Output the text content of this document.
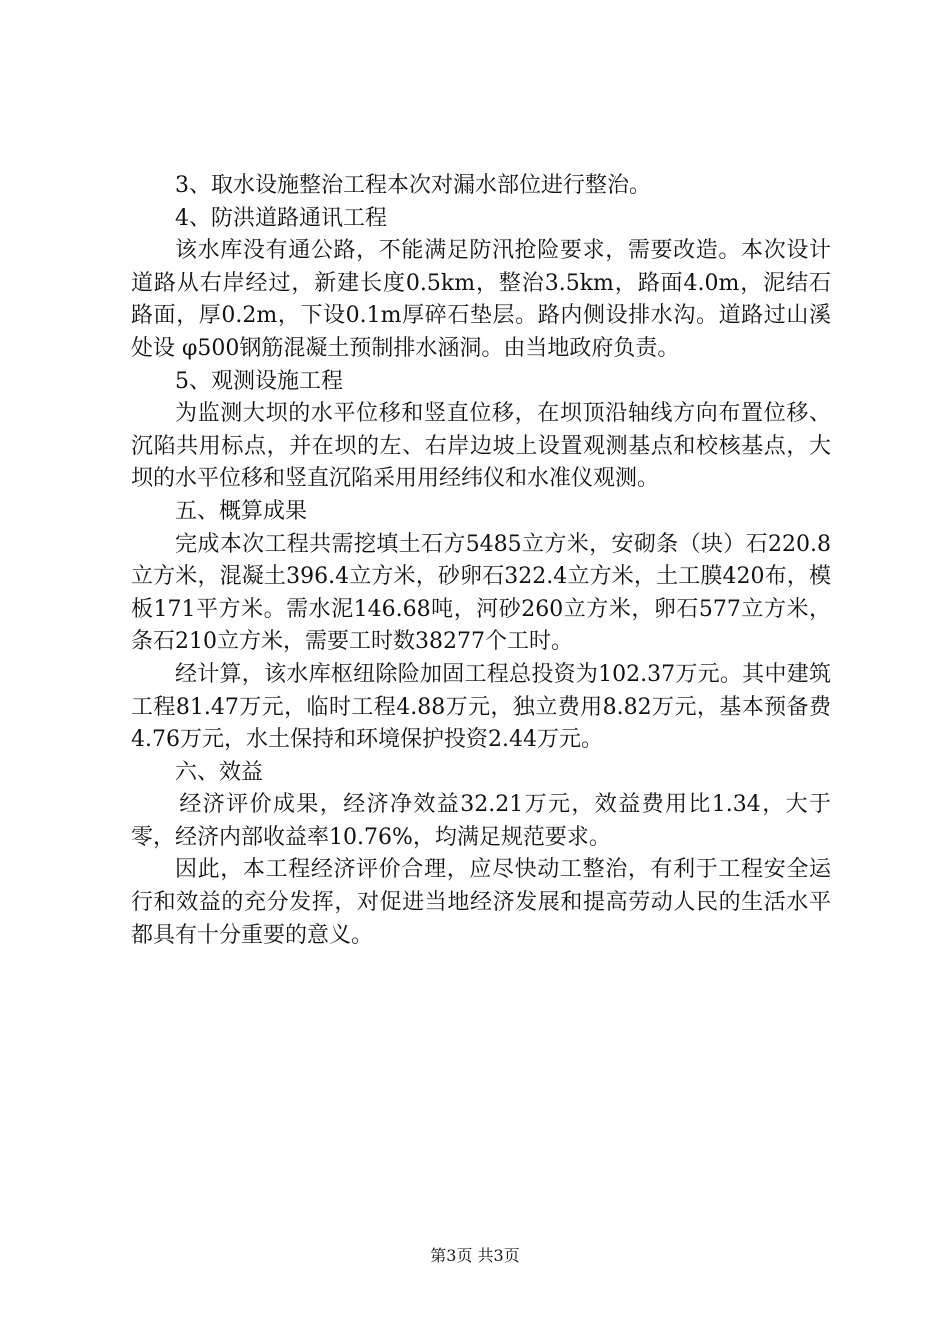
3、取水设施整治工程本次对漏水部位进行整治。

4、防洪道路通讯工程

该水库没有通公路，不能满足防汛抢险要求，需要改造。本次设计道路从右岸经过，新建长度0.5km，整治3.5km，路面4.0m，泥结石路面，厚0.2m，下设0.1m厚碎石垫层。路内侧设排水沟。道路过山溪处设 φ500钢筋混凝土预制排水涵洞。由当地政府负责。

5、观测设施工程

为监测大坝的水平位移和竖直位移，在坝顶沿轴线方向布置位移、沉陷共用标点，并在坝的左、右岸边坡上设置观测基点和校核基点，大坝的水平位移和竖直沉陷采用用经纬仪和水准仪观测。

五、概算成果

完成本次工程共需挖填土石方5485立方米，安砌条（块）石220.8立方米，混凝土396.4立方米，砂卵石322.4立方米，土工膜420布，模板171平方米。需水泥146.68吨，河砂260立方米，卵石577立方米，条石210立方米，需要工时数38277个工时。

经计算，该水库枢纽除险加固工程总投资为102.37万元。其中建筑工程81.47万元，临时工程4.88万元，独立费用8.82万元，基本预备费4.76万元，水土保持和环境保护投资2.44万元。

六、效益

经济评价成果，经济净效益32.21万元，效益费用比1.34，大于零，经济内部收益率10.76%，均满足规范要求。

因此，本工程经济评价合理，应尽快动工整治，有利于工程安全运行和效益的充分发挥，对促进当地经济发展和提高劳动人民的生活水平都具有十分重要的意义。

第3页 共3页
